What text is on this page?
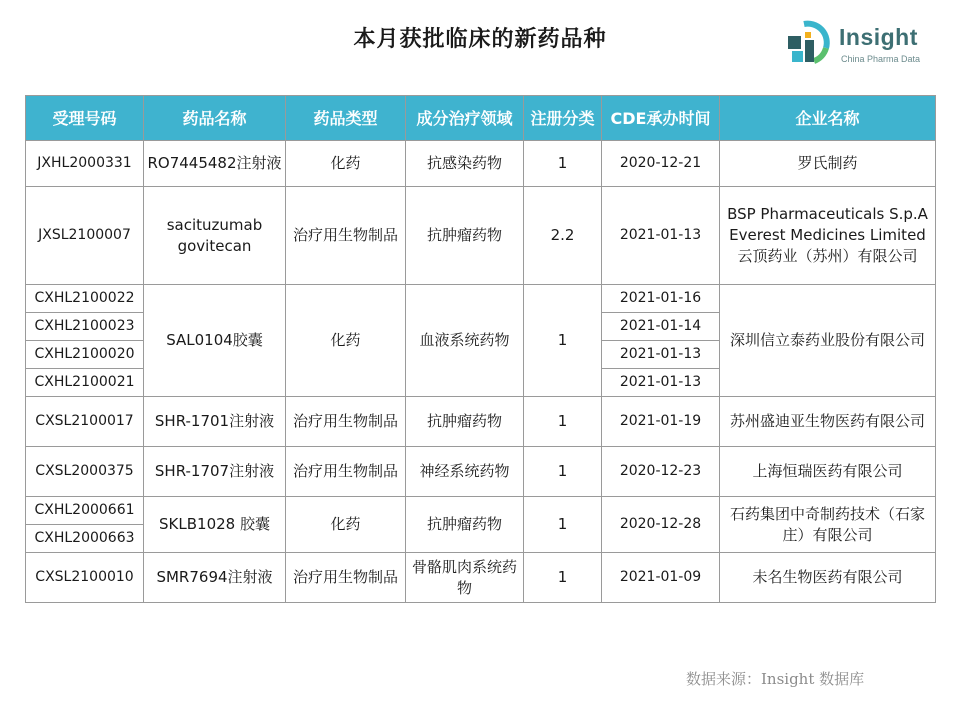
本月获批临床的新药品种	Insight
China Pharma Data
受理号码	药品名称	药品类型	成分治疗领域	注册分类	CDE承办时间	企业名称
JXHL2000331	RO7445482注射液	化药	抗感染药物	1	2020-12-21	罗氏制药
JXSL2100007	sacituzumab govitecan	治疗用生物制品	抗肿瘤药物	2.2	2021-01-13	BSP Pharmaceuticals S.p.A Everest Medicines Limited 云顶药业（苏州）有限公司
CXHL2100022	SAL0104胶囊	化药	血液系统药物	1	2021-01-16	深圳信立泰药业股份有限公司
CXHL2100023					2021-01-14	
CXHL2100020					2021-01-13	
CXHL2100021					2021-01-13	
CXSL2100017	SHR-1701注射液	治疗用生物制品	抗肿瘤药物	1	2021-01-19	苏州盛迪亚生物医药有限公司
CXSL2000375	SHR-1707注射液	治疗用生物制品	神经系统药物	1	2020-12-23	上海恒瑞医药有限公司
CXHL2000661	SKLB1028 胶囊	化药	抗肿瘤药物	1	2020-12-28	石药集团中奇制药技术（石家庄）有限公司
CXHL2000663						
CXSL2100010	SMR7694注射液	治疗用生物制品	骨骼肌肉系统药物	1	2021-01-09	未名生物医药有限公司
数据来源：Insight 数据库
